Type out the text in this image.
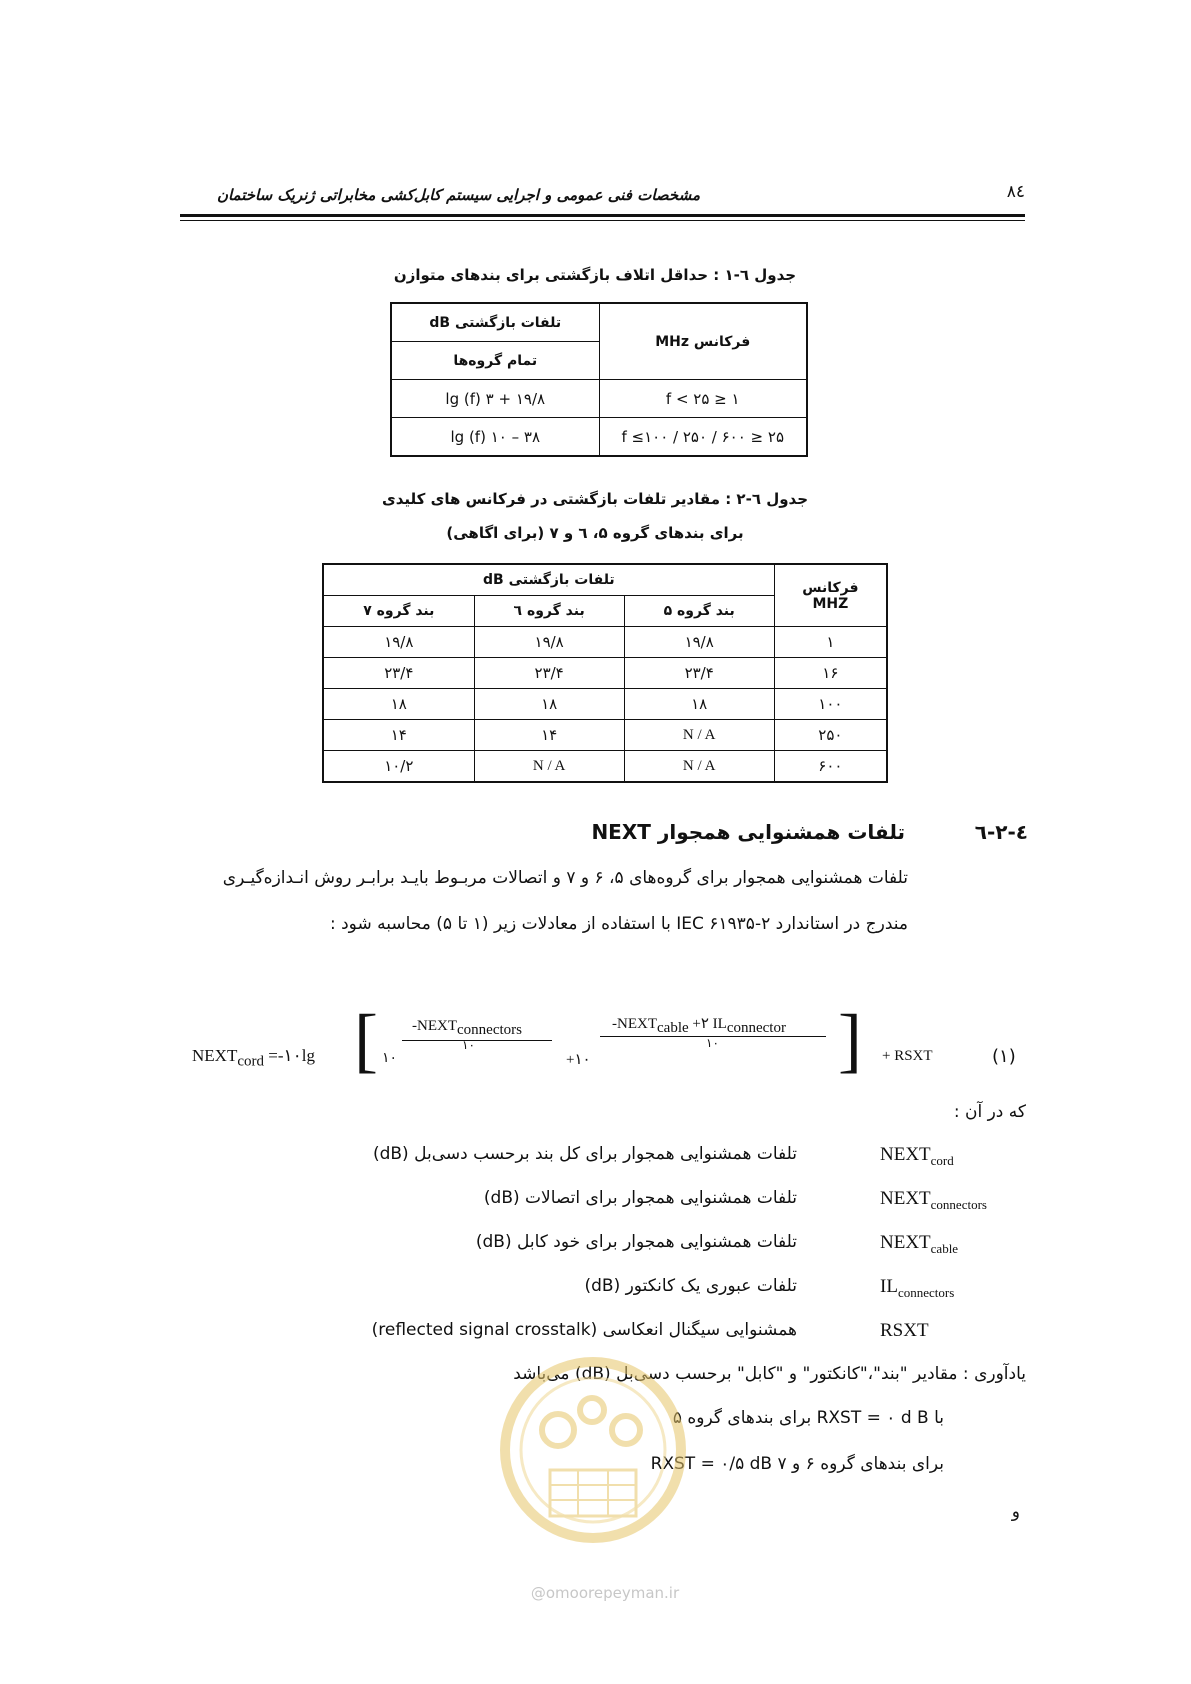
مشخصات فنی عمومی و اجرایی سیستم کابل‌کشی مخابراتی ژنریک ساختمان	۸٤
جدول ٦-۱ : حداقل اتلاف بازگشتی برای بندهای متوازن
فرکانس MHz	تلفات بازگشتی dB
	تمام گروه‌ها
۱ ≤ f < ۲۵	۱۹/۸ + ۳ lg (f)
۲۵ ≤ f ≤۱۰۰ / ۲۵۰ / ۶۰۰	۳۸ – ۱۰ lg (f)
جدول ٦-۲ : مقادیر تلفات بازگشتی در فرکانس های کلیدی
برای بندهای گروه ۵، ٦ و ۷ (برای اگاهی)
فرکانس
MHZ	تلفات بازگشتی dB		
	بند گروه ۵	بند گروه ٦	بند گروه ۷
۱	۱۹/۸	۱۹/۸	۱۹/۸
۱۶	۲۳/۴	۲۳/۴	۲۳/۴
۱۰۰	۱۸	۱۸	۱۸
۲۵۰	N / A	۱۴	۱۴
۶۰۰	N / A	N / A	۱۰/۲
٦-۲-٤
تلفات همشنوایی همجوار NEXT
تلفات همشنوایی همجوار برای گروه‌های ۵، ۶ و ۷ و اتصالات مربـوط بایـد برابـر روش انـدازه‌گیـری
مندرج در استاندارد ۲-۶۱۹۳۵ IEC با استفاده از معادلات زیر (۱ تا ۵) محاسبه شود :
$NEXT_{cord}$ =-۱۰lg [ ۱۰
$-NEXT_{connectors}$
۱۰
+۱۰
$-NEXT_{cable}$ +۲ $IL_{connector}$
۱۰ ] + RSXT	(۱)
که در آن :
$NEXT_{cord}$
تلفات همشنوایی همجوار برای کل بند برحسب دسی‌بل (dB)
$NEXT_{connectors}$
تلفات همشنوایی همجوار برای اتصالات (dB)
$NEXT_{cable}$
تلفات همشنوایی همجوار برای خود کابل (dB)
$IL_{connectors}$
تلفات عبوری یک کانکتور (dB)
RSXT
همشنوایی سیگنال انعکاسی (reflected signal crosstalk)
یادآوری : مقادیر "بند"،"کانکتور" و "کابل" برحسب دسی‌بل (dB) می‌باشد
با RXST = ۰ d B برای بندهای گروه ۵
RXST = ۰/۵ dB برای بندهای گروه ۶ و ۷
و
@omoorepeyman.ir
